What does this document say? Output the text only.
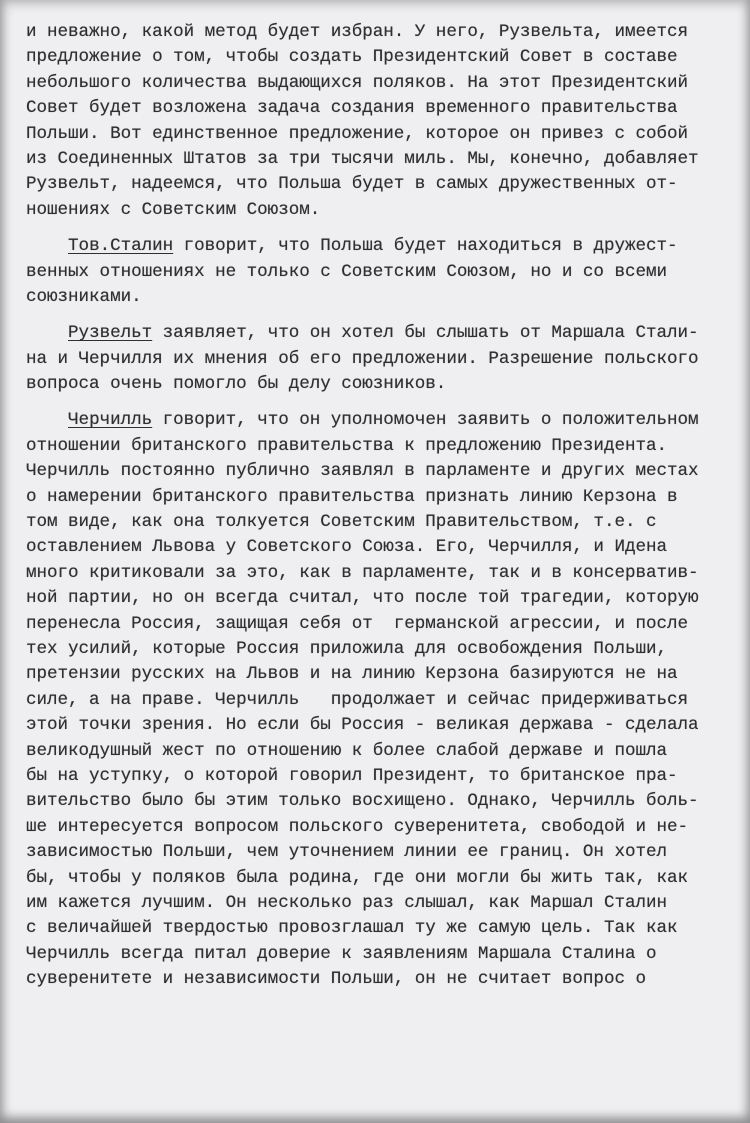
и неважно, какой метод будет избран. У него, Рузвельта, имеется
предложение о том, чтобы создать Президентский Совет в составе
небольшого количества выдающихся поляков. На этот Президентский
Совет будет возложена задача создания временного правительства
Польши. Вот единственное предложение, которое он привез с собой
из Соединенных Штатов за три тысячи миль. Мы, конечно, добавляет
Рузвельт, надеемся, что Польша будет в самых дружественных от-
ношениях с Советским Союзом.
Тов.Сталин говорит, что Польша будет находиться в дружест-
венных отношениях не только с Советским Союзом, но и со всеми
союзниками.
Рузвельт заявляет, что он хотел бы слышать от Маршала Стали-
на и Черчилля их мнения об его предложении. Разрешение польского
вопроса очень помогло бы делу союзников.
Черчилль говорит, что он уполномочен заявить о положительном
отношении британского правительства к предложению Президента.
Черчилль постоянно публично заявлял в парламенте и других местах
о намерении британского правительства признать линию Керзона в
том виде, как она толкуется Советским Правительством, т.е. с
оставлением Львова у Советского Союза. Его, Черчилля, и Идена
много критиковали за это, как в парламенте, так и в консерватив-
ной партии, но он всегда считал, что после той трагедии, которую
перенесла Россия, защищая себя от  германской агрессии, и после
тех усилий, которые Россия приложила для освобождения Польши,
претензии русских на Львов и на линию Керзона базируются не на
силе, а на праве. Черчилль   продолжает и сейчас придерживаться
этой точки зрения. Но если бы Россия - великая держава - сделала
великодушный жест по отношению к более слабой державе и пошла
бы на уступку, о которой говорил Президент, то британское пра-
вительство было бы этим только восхищено. Однако, Черчилль боль-
ше интересуется вопросом польского суверенитета, свободой и не-
зависимостью Польши, чем уточнением линии ее границ. Он хотел
бы, чтобы у поляков была родина, где они могли бы жить так, как
им кажется лучшим. Он несколько раз слышал, как Маршал Сталин
с величайшей твердостью провозглашал ту же самую цель. Так как
Черчилль всегда питал доверие к заявлениям Маршала Сталина о
суверенитете и независимости Польши, он не считает вопрос о
